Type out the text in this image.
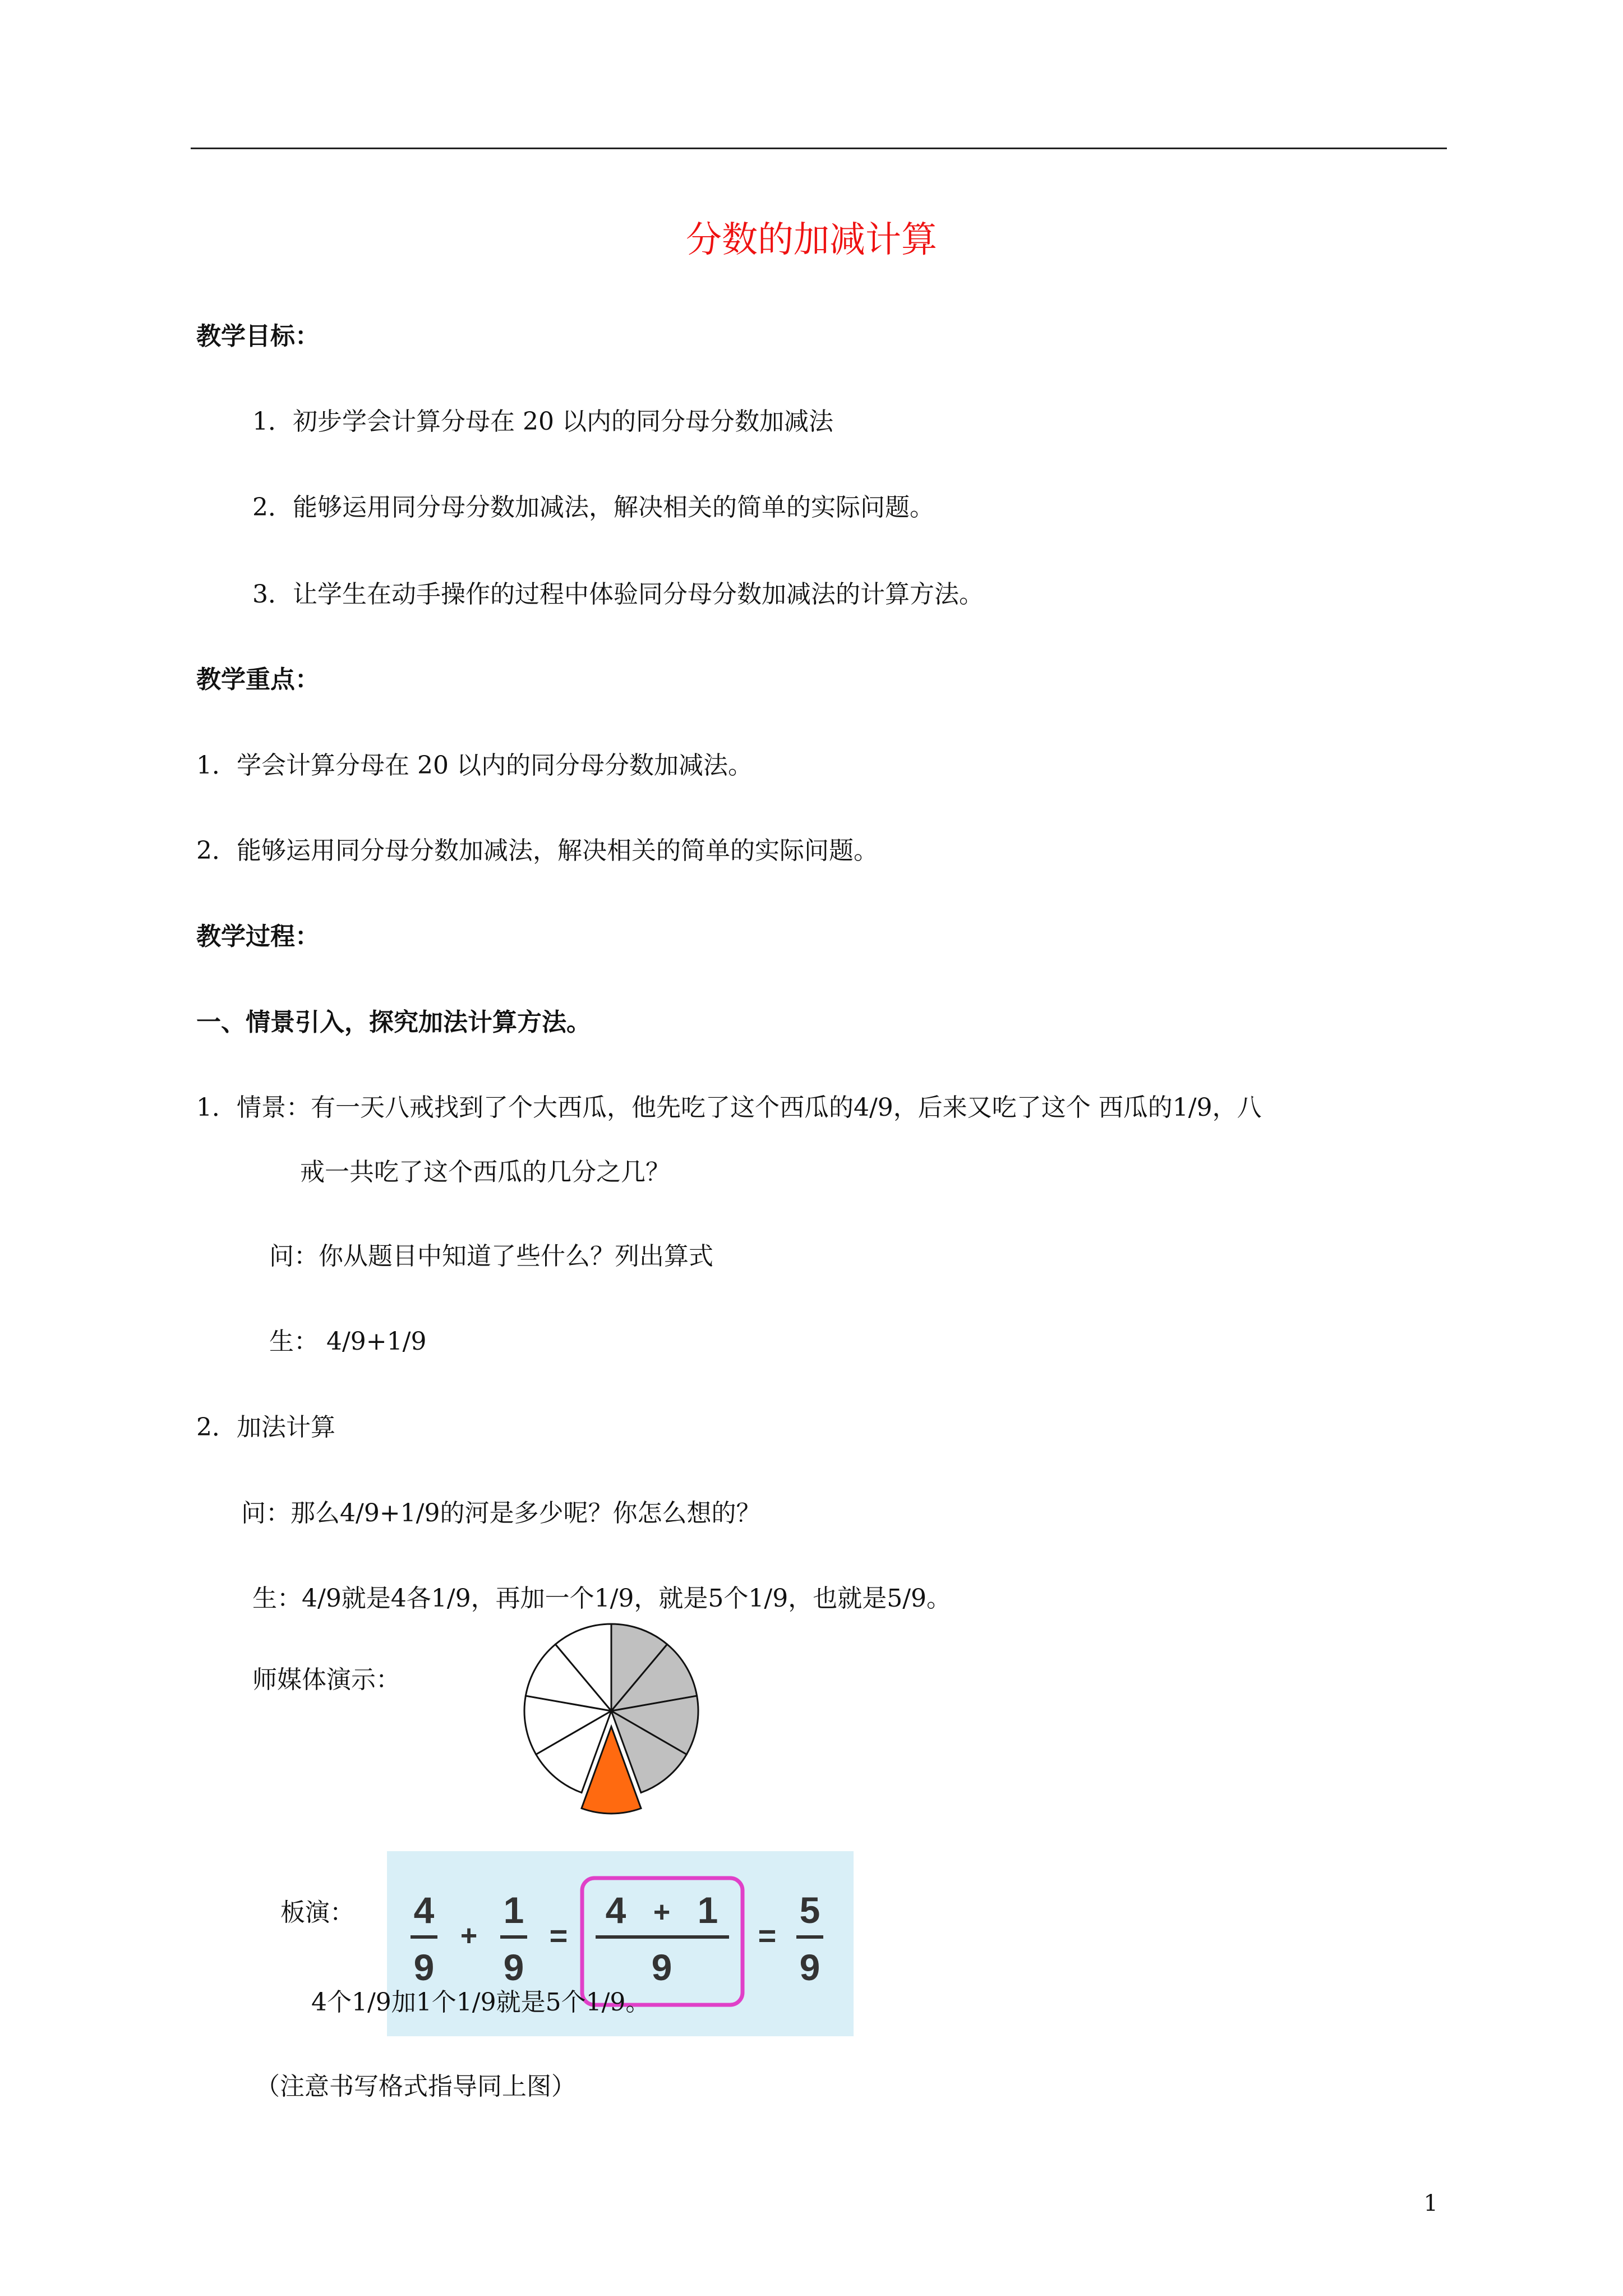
分数的加减计算
教学目标：
1．初步学会计算分母在 20 以内的同分母分数加减法
2．能够运用同分母分数加减法，解决相关的简单的实际问题。
3．让学生在动手操作的过程中体验同分母分数加减法的计算方法。
教学重点：
1．学会计算分母在 20 以内的同分母分数加减法。
2．能够运用同分母分数加减法，解决相关的简单的实际问题。
教学过程：
一、情景引入，探究加法计算方法。
1．情景：有一天八戒找到了个大西瓜，他先吃了这个西瓜的4/9，后来又吃了这个 西瓜的1/9，八
戒一共吃了这个西瓜的几分之几？
问：你从题目中知道了些什么？列出算式
生： 4/9+1/9
2．加法计算
问：那么4/9+1/9的河是多少呢？你怎么想的？
生：4/9就是4各1/9，再加一个1/9，就是5个1/9，也就是5/9。
师媒体演示：
板演： 4
9
+
1
9
=
4 + 1
9
=
5
9
4个1/9加1个1/9就是5个1/9。
（注意书写格式指导同上图）
1
